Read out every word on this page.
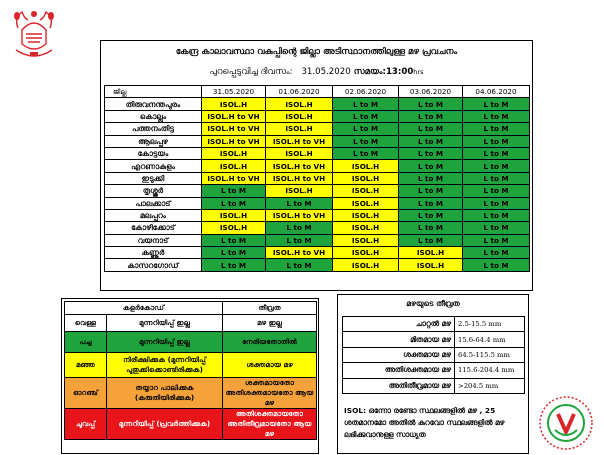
കേന്ദ്ര കാലാവസ്ഥാ വകുപ്പിന്റെ ജില്ലാ അടിസ്ഥാനത്തിലുള്ള മഴ പ്രവചനം
പുറപ്പെടുവിച്ച ദിവസം: 31.05.2020 സമയം:13:00hrs
ജില്ല	31.05.2020	01.06.2020	02.06.2020	03.06.2020	04.06.2020
തിരുവനന്തപുരം	ISOL.H	ISOL.H	L to M	L to M	L to M
കൊല്ലം	ISOL.H to VH	ISOL.H	L to M	L to M	L to M
പത്തനംതിട്ട	ISOL.H to VH	ISOL.H	L to M	L to M	L to M
ആലപ്പുഴ	ISOL.H to VH	ISOL.H to VH	L to M	L to M	L to M
കോട്ടയം	ISOL.H	ISOL.H	L to M	L to M	L to M
എറണാകുളം	ISOL.H	ISOL.H to VH	ISOL.H	L to M	L to M
ഇടുക്കി	ISOL.H to VH	ISOL.H to VH	ISOL.H	L to M	L to M
തൃശ്ശൂർ	L to M	ISOL.H	ISOL.H	L to M	L to M
പാലക്കാട്	L to M	L to M	ISOL.H	L to M	L to M
മലപ്പുറം	ISOL.H	ISOL.H to VH	ISOL.H	L to M	L to M
കോഴിക്കോട്	ISOL.H	L to M	ISOL.H	L to M	L to M
വയനാട്	L to M	L to M	ISOL.H	L to M	L to M
കണ്ണൂർ	L to M	ISOL.H to VH	ISOL.H	ISOL.H	L to M
കാസറഗോഡ്	L to M	L to M	ISOL.H	ISOL.H	L to M
കളർകോഡ്		തീവ്രത
വെള്ള	മുന്നറിയിപ്പ് ഇല്ല	മഴ ഇല്ല
പച്ച	മുന്നറിയിപ്പ് ഇല്ല	നേരിയതോതിൽ
മഞ്ഞ	നിരീക്ഷിക്കുക (മുന്നറിയിപ്പ് പുതുക്കിക്കൊണ്ടിരിക്കുക)	ശക്തമായ മഴ
ഓറഞ്ച്	തയ്യാറ പാലിക്കുക (കരുതിയിരിക്കുക)	ശക്തമായതോ അതിശക്തമായതോ ആയ മഴ
ചുവപ്പ്	മുന്നറിയിപ്പ് (പ്രവർത്തിക്കുക)	അതിശക്തമായതോ അതിതീവ്രമായതോ ആയ മഴ
മഴയുടെ തീവ്രത
ചാറ്റൽ മഴ	2.5-15.5 mm
മിതമായ മഴ	15.6-64.4 mm
ശക്തമായ മഴ	64.5-115.5 mm
അതിശക്തമായ മഴ	115.6-204.4 mm
അതിതീവ്രമായ മഴ	>204.5 mm
ISOL: ഒന്നോ രണ്ടോ സ്ഥലങ്ങളിൽ മഴ , 25 ശതമാനമോ അതിൽ കുറവോ സ്ഥലങ്ങളിൽ മഴ ലഭിക്കുവാനുള്ള സാധ്യത
